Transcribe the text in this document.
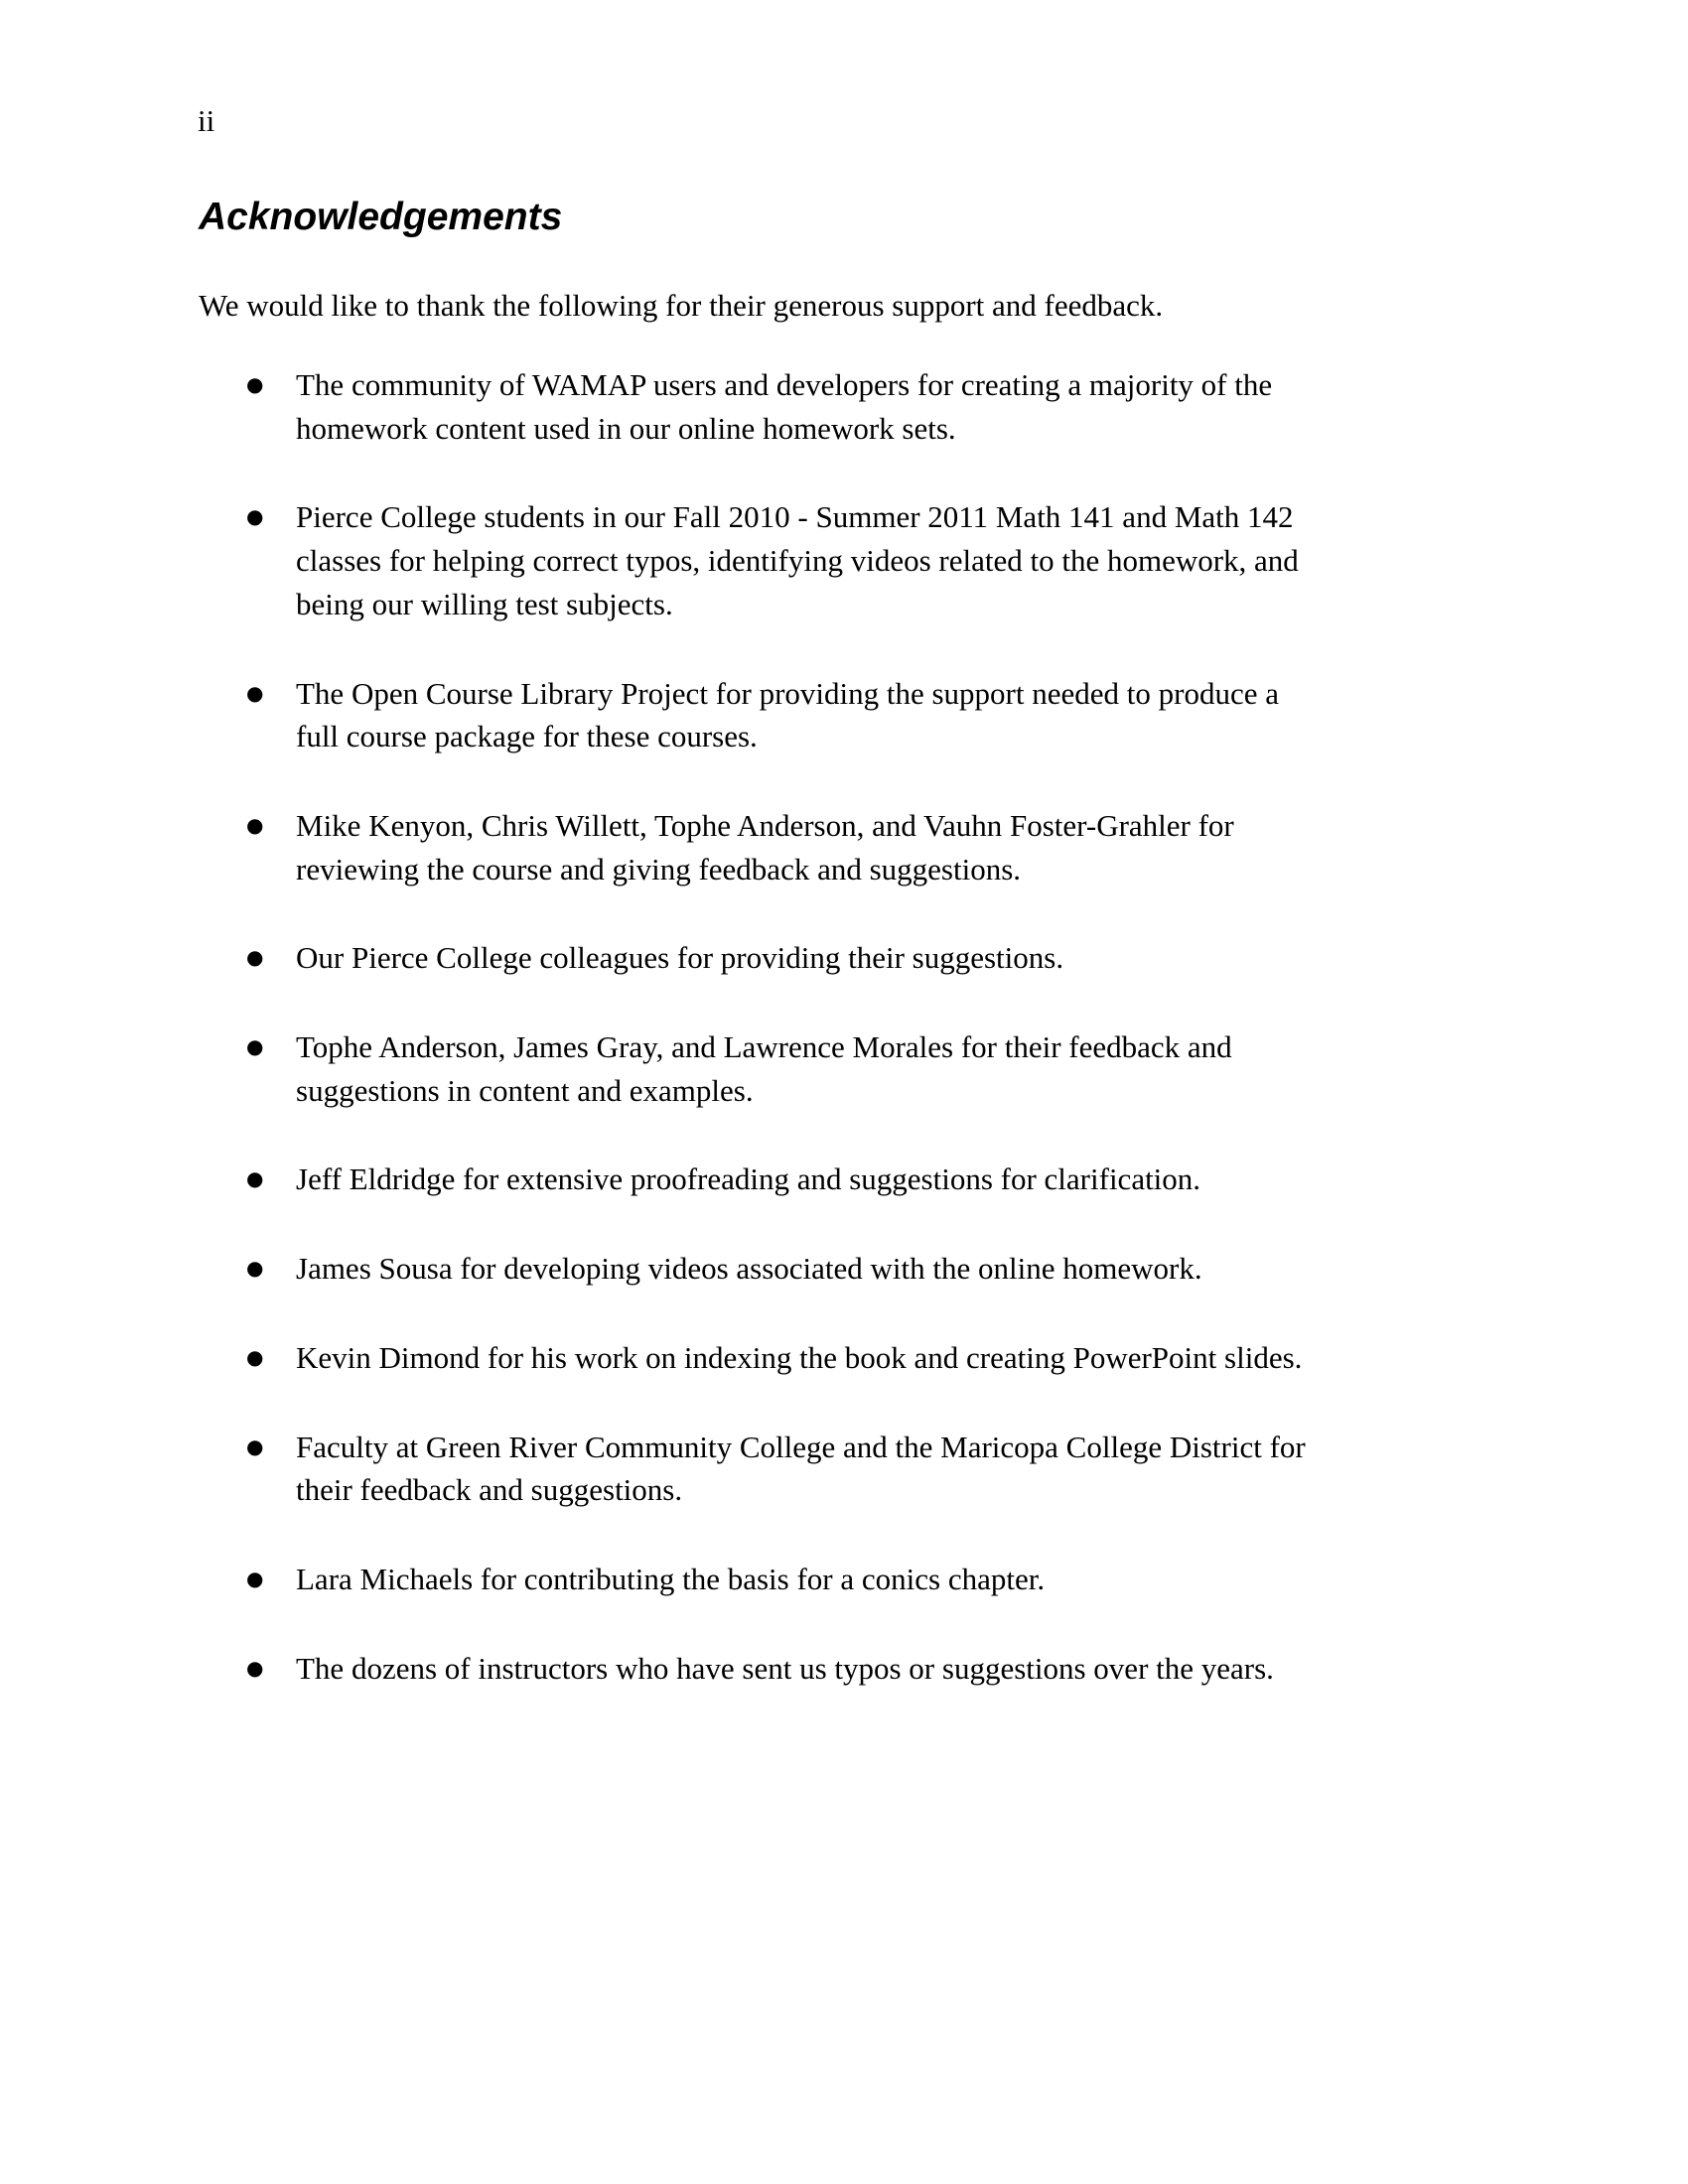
ii
Acknowledgements

We would like to thank the following for their generous support and feedback.

● The community of WAMAP users and developers for creating a majority of the
homework content used in our online homework sets.
● Pierce College students in our Fall 2010 - Summer 2011 Math 141 and Math 142
classes for helping correct typos, identifying videos related to the homework, and
being our willing test subjects.
● The Open Course Library Project for providing the support needed to produce a
full course package for these courses.
● Mike Kenyon, Chris Willett, Tophe Anderson, and Vauhn Foster-Grahler for
reviewing the course and giving feedback and suggestions.
● Our Pierce College colleagues for providing their suggestions.
● Tophe Anderson, James Gray, and Lawrence Morales for their feedback and
suggestions in content and examples.
● Jeff Eldridge for extensive proofreading and suggestions for clarification.
● James Sousa for developing videos associated with the online homework.
● Kevin Dimond for his work on indexing the book and creating PowerPoint slides.
● Faculty at Green River Community College and the Maricopa College District for
their feedback and suggestions.
● Lara Michaels for contributing the basis for a conics chapter.
● The dozens of instructors who have sent us typos or suggestions over the years.
